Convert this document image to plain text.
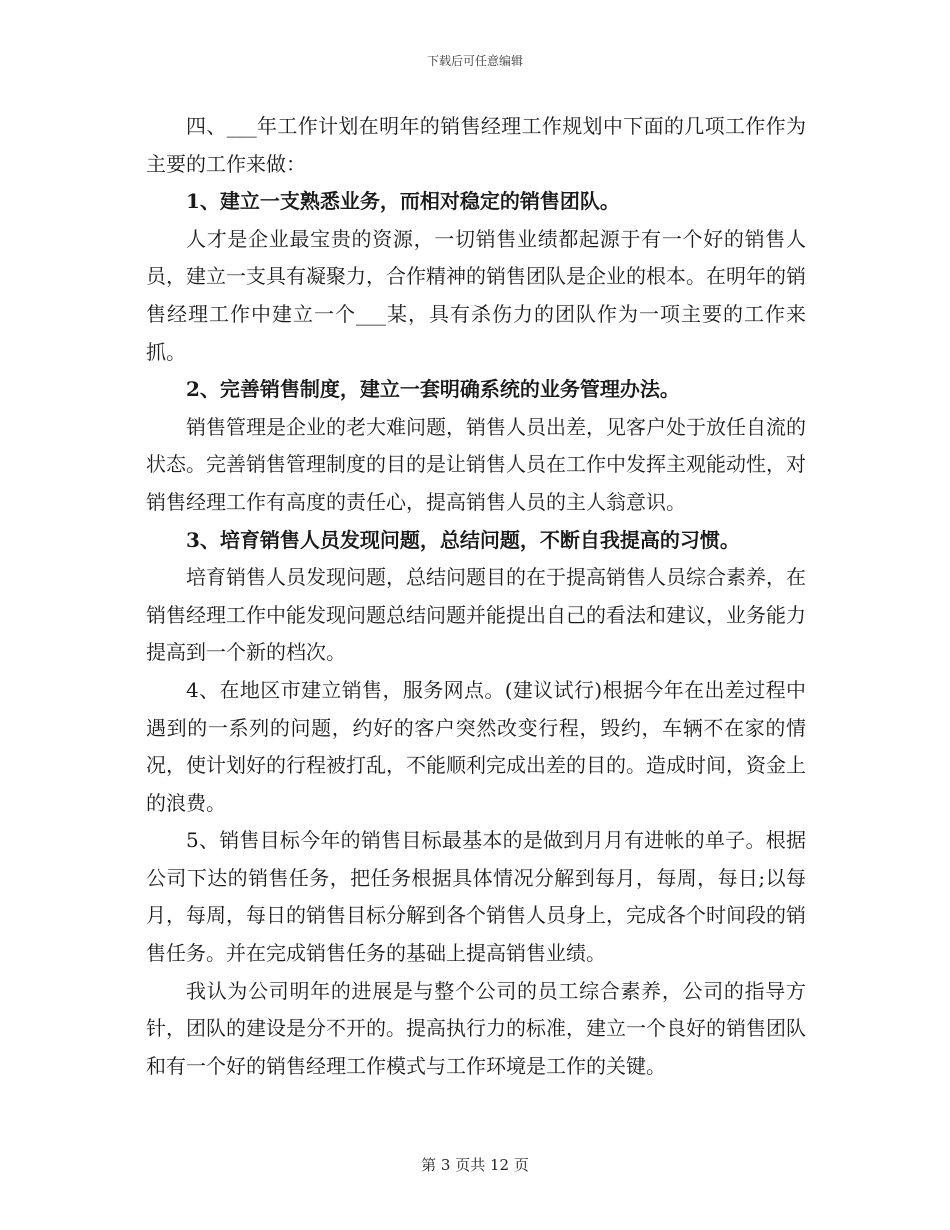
下载后可任意编辑

四、___年工作计划在明年的销售经理工作规划中下面的几项工作作为主要的工作来做：

1、建立一支熟悉业务，而相对稳定的销售团队。

人才是企业最宝贵的资源，一切销售业绩都起源于有一个好的销售人员，建立一支具有凝聚力，合作精神的销售团队是企业的根本。在明年的销售经理工作中建立一个___某，具有杀伤力的团队作为一项主要的工作来抓。

2、完善销售制度，建立一套明确系统的业务管理办法。

销售管理是企业的老大难问题，销售人员出差，见客户处于放任自流的状态。完善销售管理制度的目的是让销售人员在工作中发挥主观能动性，对销售经理工作有高度的责任心，提高销售人员的主人翁意识。

3、培育销售人员发现问题，总结问题，不断自我提高的习惯。

培育销售人员发现问题，总结问题目的在于提高销售人员综合素养，在销售经理工作中能发现问题总结问题并能提出自己的看法和建议，业务能力提高到一个新的档次。

4、在地区市建立销售，服务网点。(建议试行)根据今年在出差过程中遇到的一系列的问题，约好的客户突然改变行程，毁约，车辆不在家的情况，使计划好的行程被打乱，不能顺利完成出差的目的。造成时间，资金上的浪费。

5、销售目标今年的销售目标最基本的是做到月月有进帐的单子。根据公司下达的销售任务，把任务根据具体情况分解到每月，每周，每日;以每月，每周，每日的销售目标分解到各个销售人员身上，完成各个时间段的销售任务。并在完成销售任务的基础上提高销售业绩。

我认为公司明年的进展是与整个公司的员工综合素养，公司的指导方针，团队的建设是分不开的。提高执行力的标准，建立一个良好的销售团队和有一个好的销售经理工作模式与工作环境是工作的关键。

第 3 页共 12 页
